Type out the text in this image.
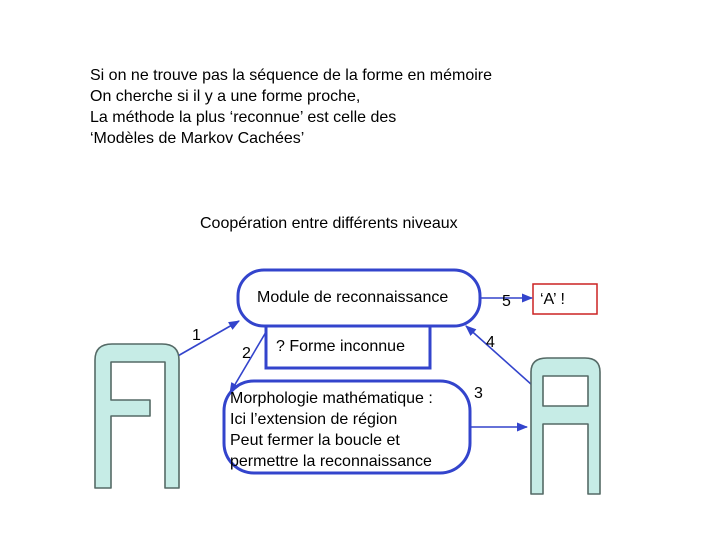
Si on ne trouve pas la séquence de la forme en mémoire
On cherche si il y a une forme proche,
La méthode la plus ‘reconnue’ est celle des
‘Modèles de Markov Cachées’
Coopération entre différents niveaux
Module de reconnaissance
? Forme inconnue
Morphologie mathématique :
Ici l’extension de région
Peut fermer la boucle et
permettre la reconnaissance
‘A’ !
1
2
3
4
5
